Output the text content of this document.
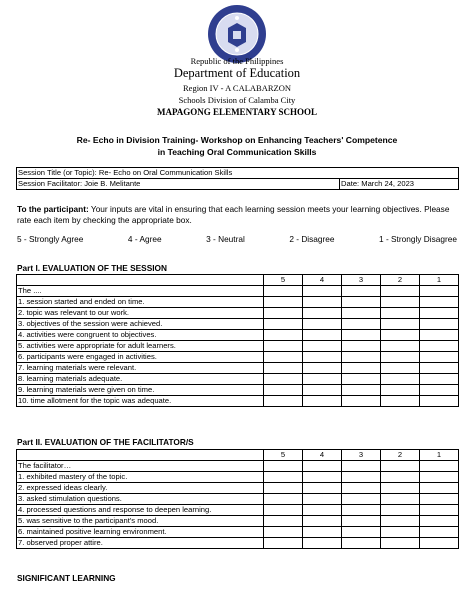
Republic of the Philippines
Department of Education
Region IV - A CALABARZON
Schools Division of Calamba City
MAPAGONG ELEMENTARY SCHOOL
Re- Echo in Division Training- Workshop on Enhancing Teachers' Competence
in Teaching Oral Communication Skills
Session Title (or Topic): Re- Echo on Oral Communication Skills
Session Facilitator: Joie B. Melitante	Date: March 24, 2023
To the participant: Your inputs are vital in ensuring that each learning session meets your learning objectives. Please rate each item by checking the appropriate box.
5 - Strongly Agree	4 - Agree	3 - Neutral	2 - Disagree	1 - Strongly Disagree
Part I. EVALUATION OF THE SESSION
	5	4	3	2	1
The ....					
1. session started and ended on time.					
2. topic was relevant to our work.					
3. objectives of the session were achieved.					
4. activities were congruent to objectives.					
5. activities were appropriate for adult learners.					
6. participants were engaged in activities.					
7. learning materials were relevant.					
8. learning materials adequate.					
9. learning materials were given on time.					
10. time allotment for the topic was adequate.					
Part II. EVALUATION OF THE FACILITATOR/S
	5	4	3	2	1
The facilitator…					
1. exhibited mastery of the topic.					
2. expressed ideas clearly.					
3. asked stimulation questions.					
4. processed questions and response to deepen learning.					
5. was sensitive to the participant's mood.					
6. maintained positive learning environment.					
7. observed proper attire.					
SIGNIFICANT LEARNING
